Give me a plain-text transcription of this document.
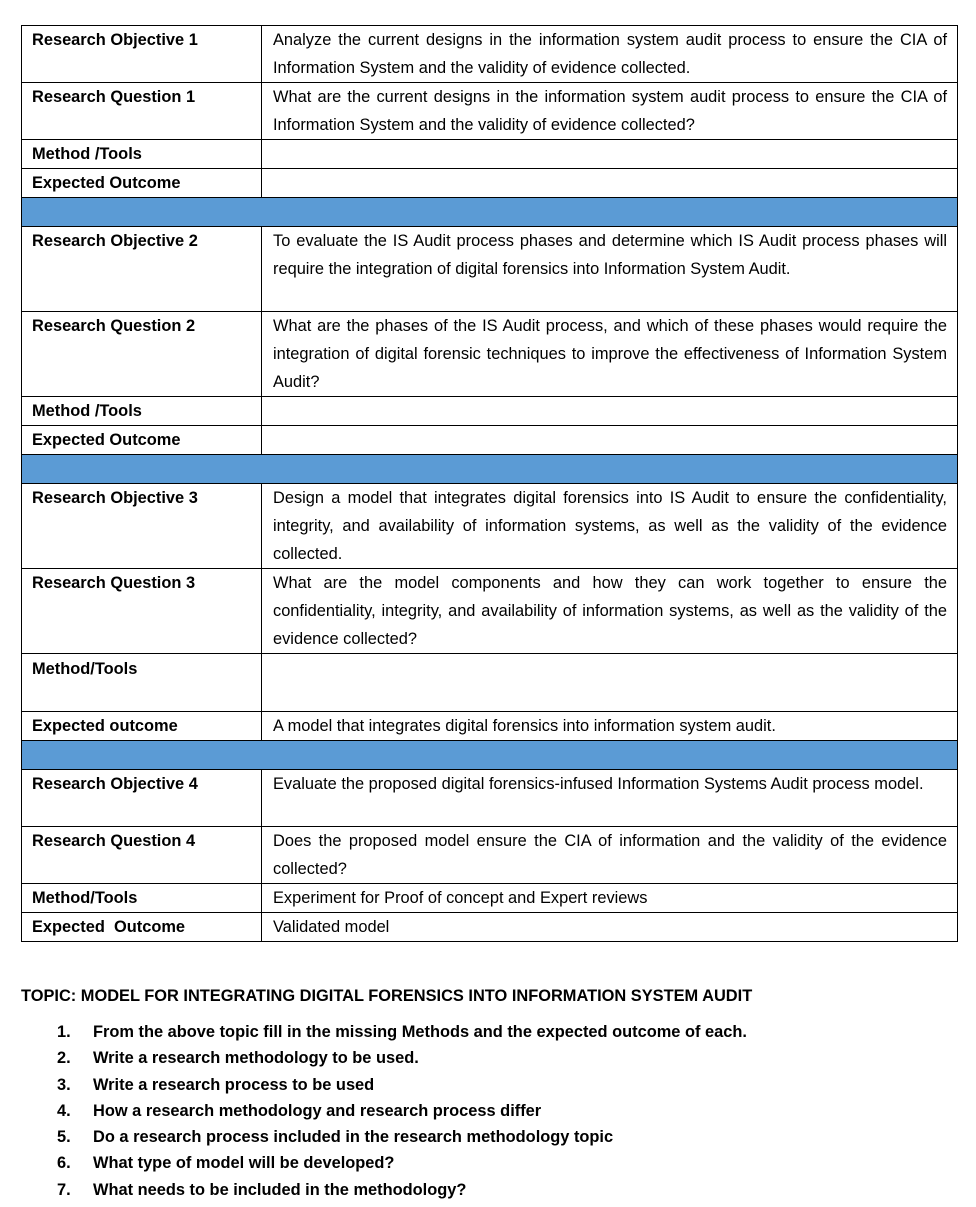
Research Objective 1	Analyze the current designs in the information system audit process to ensure the CIA of Information System and the validity of evidence collected.
Research Question 1	What are the current designs in the information system audit process to ensure the CIA of Information System and the validity of evidence collected?
Method /Tools	
Expected Outcome	

Research Objective 2	To evaluate the IS Audit process phases and determine which IS Audit process phases will require the integration of digital forensics into Information System Audit.
Research Question 2	What are the phases of the IS Audit process, and which of these phases would require the integration of digital forensic techniques to improve the effectiveness of Information System Audit?
Method /Tools	
Expected Outcome	

Research Objective 3	Design a model that integrates digital forensics into IS Audit to ensure the confidentiality, integrity, and availability of information systems, as well as the validity of the evidence collected.
Research Question 3	What are the model components and how they can work together to ensure the confidentiality, integrity, and availability of information systems, as well as the validity of the evidence collected?
Method/Tools	
Expected outcome	A model that integrates digital forensics into information system audit.

Research Objective 4	Evaluate the proposed digital forensics-infused Information Systems Audit process model.
Research Question 4	Does the proposed model ensure the CIA of information and the validity of the evidence collected?
Method/Tools	Experiment for Proof of concept and Expert reviews
Expected  Outcome	Validated model
TOPIC: MODEL FOR INTEGRATING DIGITAL FORENSICS INTO INFORMATION SYSTEM AUDIT
1.	From the above topic fill in the missing Methods and the expected outcome of each.
2.	Write a research methodology to be used.
3.	Write a research process to be used
4.	How a research methodology and research process differ
5.	Do a research process included in the research methodology topic
6.	What type of model will be developed?
7.	What needs to be included in the methodology?
